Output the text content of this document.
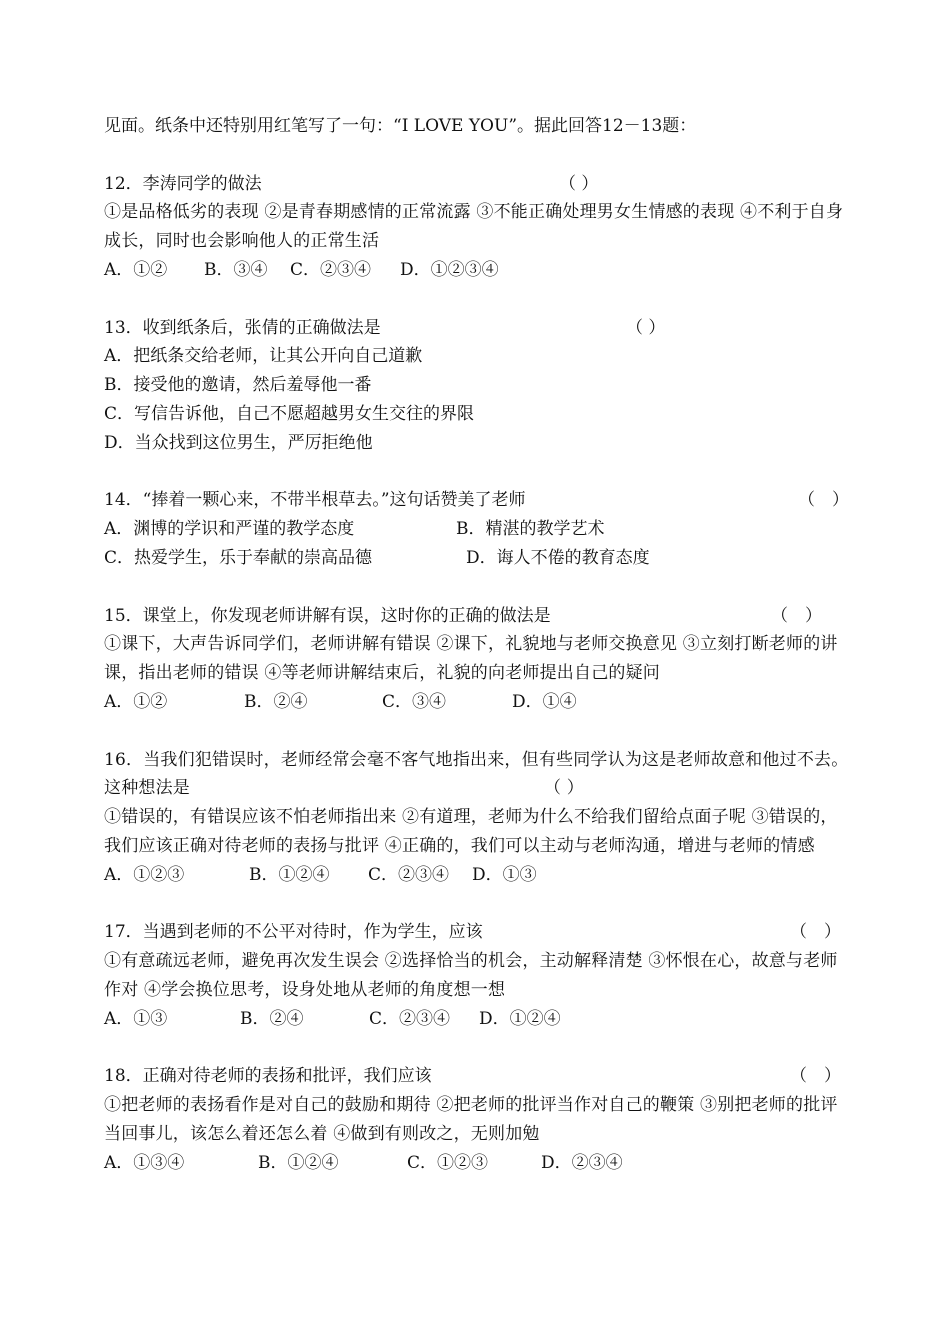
见面。纸条中还特别用红笔写了一句：“I LOVE YOU”。据此回答12－13题：
12．李涛同学的做法	（ ）
①是品格低劣的表现 ②是青春期感情的正常流露 ③不能正确处理男女生情感的表现 ④不利于自身成长，同时也会影响他人的正常生活
A．①② B．③④ C．②③④ D．①②③④
13．收到纸条后，张倩的正确做法是	（ ）
A．把纸条交给老师，让其公开向自己道歉
B．接受他的邀请，然后羞辱他一番
C．写信告诉他，自己不愿超越男女生交往的界限
D．当众找到这位男生，严厉拒绝他
14．“捧着一颗心来，不带半根草去。”这句话赞美了老师	（　）
A．渊博的学识和严谨的教学态度	B．精湛的教学艺术
C．热爱学生，乐于奉献的崇高品德	D．诲人不倦的教育态度
15．课堂上，你发现老师讲解有误，这时你的正确的做法是	（　）
①课下，大声告诉同学们，老师讲解有错误 ②课下，礼貌地与老师交换意见 ③立刻打断老师的讲课，指出老师的错误 ④等老师讲解结束后，礼貌的向老师提出自己的疑问
A．①②	B．②④	C．③④	D．①④
16．当我们犯错误时，老师经常会毫不客气地指出来，但有些同学认为这是老师故意和他过不去。这种想法是	（ ）
①错误的，有错误应该不怕老师指出来 ②有道理，老师为什么不给我们留给点面子呢 ③错误的，我们应该正确对待老师的表扬与批评 ④正确的，我们可以主动与老师沟通，增进与老师的情感
A．①②③	B．①②④ C．②③④ D．①③
17．当遇到老师的不公平对待时，作为学生，应该	（　）
①有意疏远老师，避免再次发生误会 ②选择恰当的机会，主动解释清楚 ③怀恨在心，故意与老师作对 ④学会换位思考，设身处地从老师的角度想一想
A．①③	B．②④	C．②③④ D．①②④
18．正确对待老师的表扬和批评，我们应该	（　）
①把老师的表扬看作是对自己的鼓励和期待 ②把老师的批评当作对自己的鞭策 ③别把老师的批评当回事儿，该怎么着还怎么着 ④做到有则改之，无则加勉
A．①③④	B．①②④	C．①②③	D．②③④
